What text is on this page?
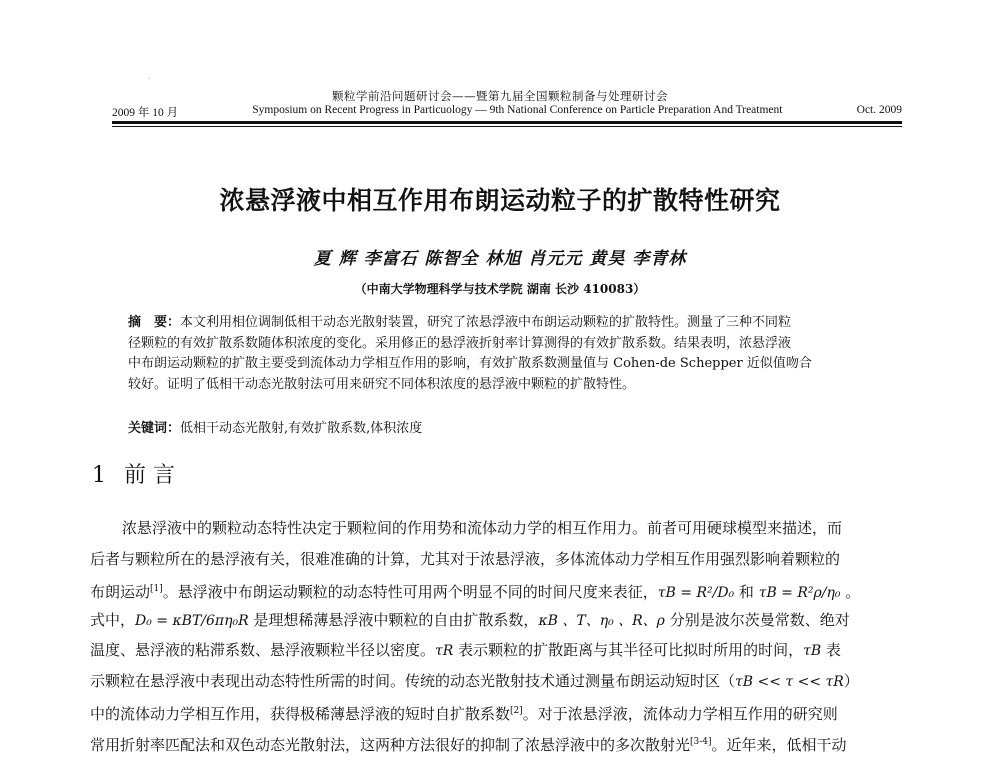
·
颗粒学前沿问题研讨会——暨第九届全国颗粒制备与处理研讨会
2009 年 10 月	Symposium on Recent Progress in Particuology — 9th National Conference on Particle Preparation And Treatment	Oct. 2009
浓悬浮液中相互作用布朗运动粒子的扩散特性研究
夏 辉 李富石 陈智全 林旭 肖元元 黄昊 李青林
（中南大学物理科学与技术学院 湖南 长沙 410083）
摘　要：本文利用相位调制低相干动态光散射装置，研究了浓悬浮液中布朗运动颗粒的扩散特性。测量了三种不同粒
径颗粒的有效扩散系数随体积浓度的变化。采用修正的悬浮液折射率计算测得的有效扩散系数。结果表明，浓悬浮液
中布朗运动颗粒的扩散主要受到流体动力学相互作用的影响，有效扩散系数测量值与 Cohen-de Schepper 近似值吻合
较好。证明了低相干动态光散射法可用来研究不同体积浓度的悬浮液中颗粒的扩散特性。
关键词：低相干动态光散射,有效扩散系数,体积浓度
1 前 言
浓悬浮液中的颗粒动态特性决定于颗粒间的作用势和流体动力学的相互作用力。前者可用硬球模型来描述，而
后者与颗粒所在的悬浮液有关，很难准确的计算，尤其对于浓悬浮液，多体流体动力学相互作用强烈影响着颗粒的
布朗运动[1]。悬浮液中布朗运动颗粒的动态特性可用两个明显不同的时间尺度来表征，τB = R²/D₀ 和 τB = R²ρ/η₀ 。
式中，D₀ = κBT/6πη₀R 是理想稀薄悬浮液中颗粒的自由扩散系数，κB 、T、η₀ 、R、ρ 分别是波尔茨曼常数、绝对
温度、悬浮液的粘滞系数、悬浮液颗粒半径以密度。τR 表示颗粒的扩散距离与其半径可比拟时所用的时间，τB 表
示颗粒在悬浮液中表现出动态特性所需的时间。传统的动态光散射技术通过测量布朗运动短时区（τB << τ << τR）
中的流体动力学相互作用，获得极稀薄悬浮液的短时自扩散系数[2]。对于浓悬浮液，流体动力学相互作用的研究则
常用折射率匹配法和双色动态光散射法，这两种方法很好的抑制了浓悬浮液中的多次散射光[3-4]。近年来，低相干动
